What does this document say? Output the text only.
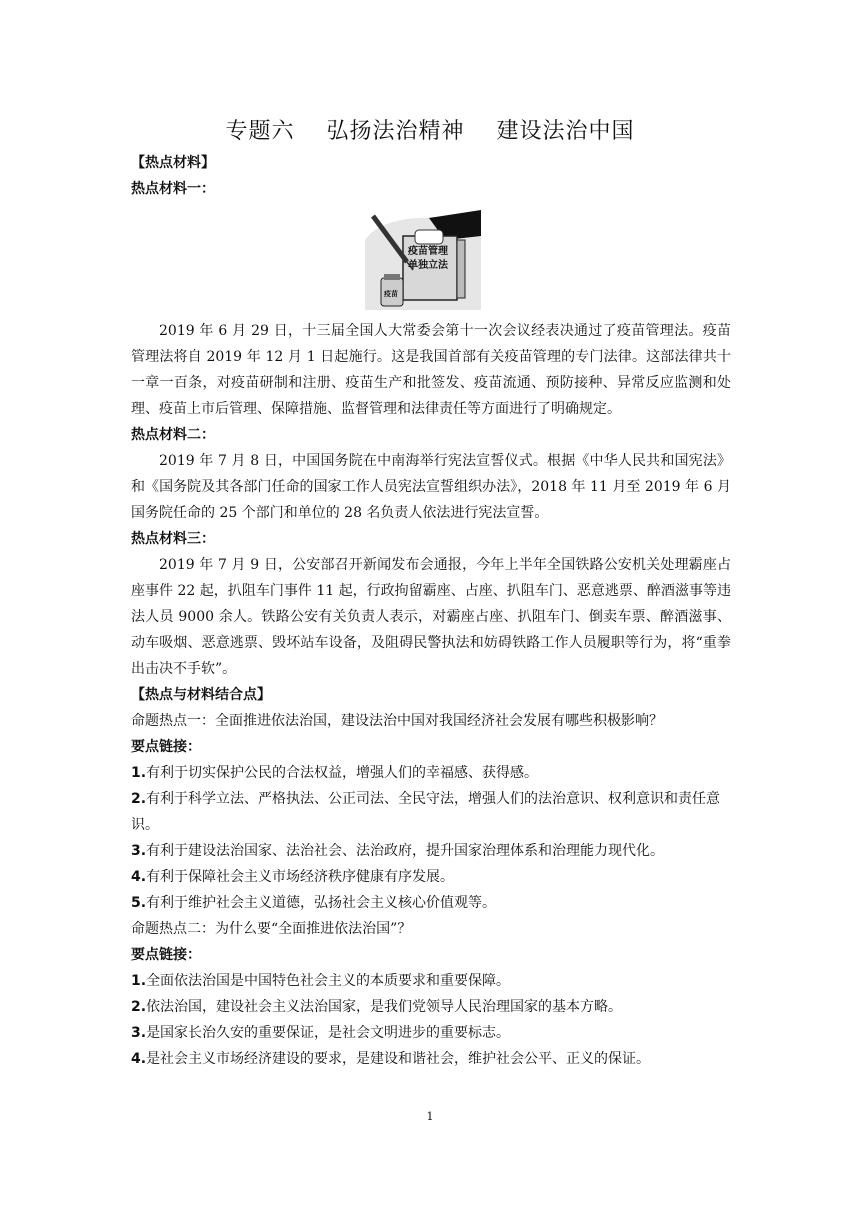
专题六    弘扬法治精神    建设法治中国
【热点材料】
热点材料一：
疫苗管理
单独立法
疫苗
2019 年 6 月 29 日，十三届全国人大常委会第十一次会议经表决通过了疫苗管理法。疫苗管理法将自 2019 年 12 月 1 日起施行。这是我国首部有关疫苗管理的专门法律。这部法律共十一章一百条，对疫苗研制和注册、疫苗生产和批签发、疫苗流通、预防接种、异常反应监测和处理、疫苗上市后管理、保障措施、监督管理和法律责任等方面进行了明确规定。
热点材料二：
2019 年 7 月 8 日，中国国务院在中南海举行宪法宣誓仪式。根据《中华人民共和国宪法》和《国务院及其各部门任命的国家工作人员宪法宣誓组织办法》，2018 年 11 月至 2019 年 6 月国务院任命的 25 个部门和单位的 28 名负责人依法进行宪法宣誓。
热点材料三：
2019 年 7 月 9 日，公安部召开新闻发布会通报，今年上半年全国铁路公安机关处理霸座占座事件 22 起，扒阻车门事件 11 起，行政拘留霸座、占座、扒阻车门、恶意逃票、醉酒滋事等违法人员 9000 余人。铁路公安有关负责人表示，对霸座占座、扒阻车门、倒卖车票、醉酒滋事、动车吸烟、恶意逃票、毁坏站车设备，及阻碍民警执法和妨碍铁路工作人员履职等行为，将“重拳出击决不手软”。
【热点与材料结合点】
命题热点一：全面推进依法治国，建设法治中国对我国经济社会发展有哪些积极影响？
要点链接：
1.有利于切实保护公民的合法权益，增强人们的幸福感、获得感。
2.有利于科学立法、严格执法、公正司法、全民守法，增强人们的法治意识、权利意识和责任意识。
3.有利于建设法治国家、法治社会、法治政府，提升国家治理体系和治理能力现代化。
4.有利于保障社会主义市场经济秩序健康有序发展。
5.有利于维护社会主义道德，弘扬社会主义核心价值观等。
命题热点二：为什么要“全面推进依法治国”？
要点链接：
1.全面依法治国是中国特色社会主义的本质要求和重要保障。
2.依法治国，建设社会主义法治国家，是我们党领导人民治理国家的基本方略。
3.是国家长治久安的重要保证，是社会文明进步的重要标志。
4.是社会主义市场经济建设的要求，是建设和谐社会，维护社会公平、正义的保证。
1
